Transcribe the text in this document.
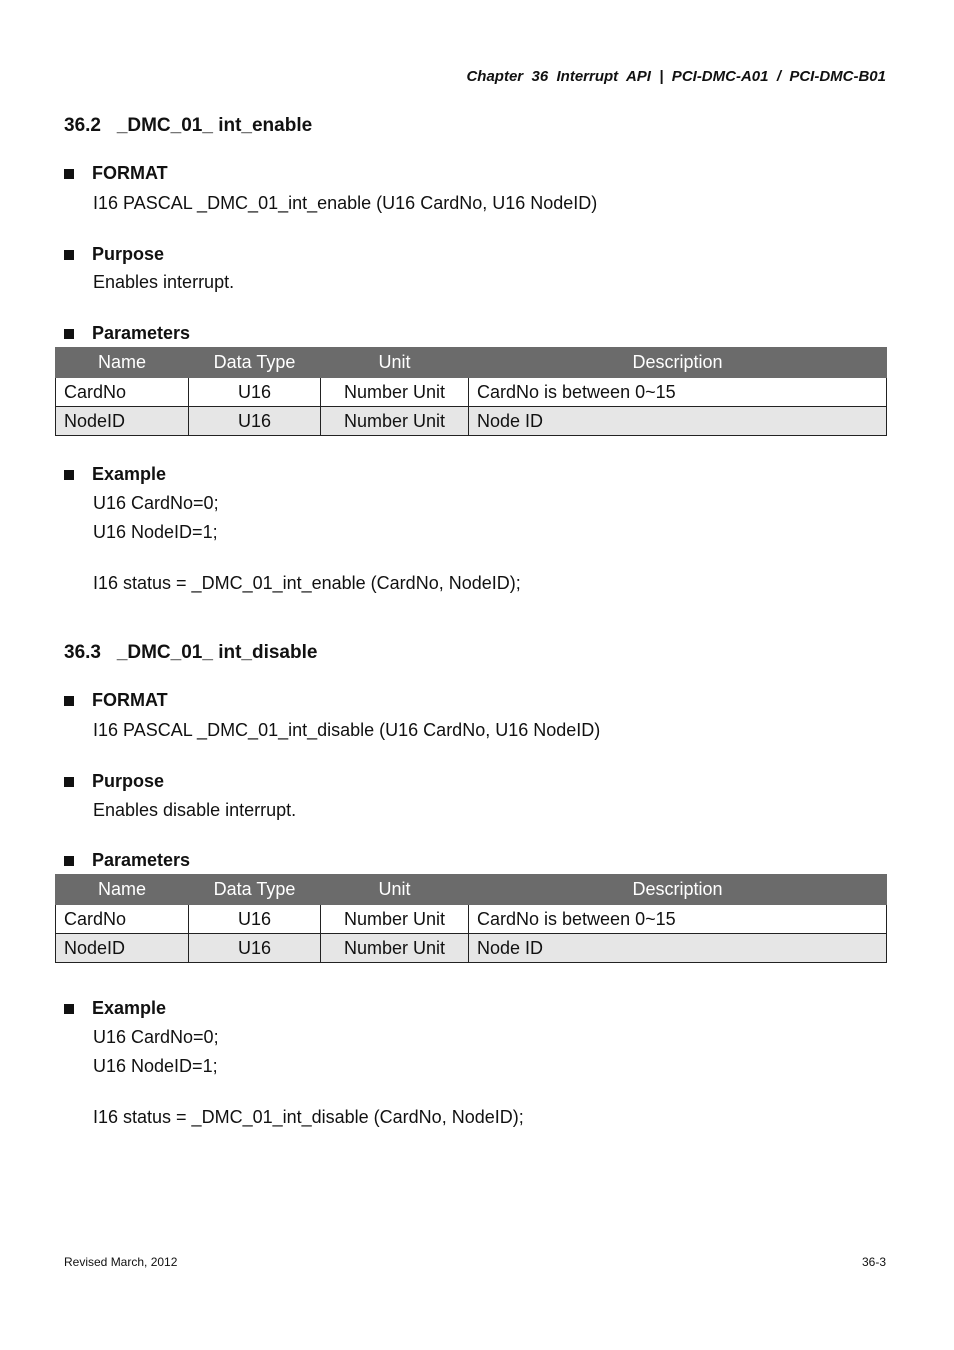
Chapter  36  Interrupt  API  |  PCI-DMC-A01  /  PCI-DMC-B01
36.2   _DMC_01_ int_enable
FORMAT
I16 PASCAL _DMC_01_int_enable (U16 CardNo, U16 NodeID)
Purpose
Enables interrupt.
Parameters
Name	Data Type	Unit	Description
CardNo	U16	Number Unit	CardNo is between 0~15
NodeID	U16	Number Unit	Node ID
Example
U16 CardNo=0;
U16 NodeID=1;
I16 status = _DMC_01_int_enable (CardNo, NodeID);
36.3   _DMC_01_ int_disable
FORMAT
I16 PASCAL _DMC_01_int_disable (U16 CardNo, U16 NodeID)
Purpose
Enables disable interrupt.
Parameters
Name	Data Type	Unit	Description
CardNo	U16	Number Unit	CardNo is between 0~15
NodeID	U16	Number Unit	Node ID
Example
U16 CardNo=0;
U16 NodeID=1;
I16 status = _DMC_01_int_disable (CardNo, NodeID);
Revised March, 2012	36-3
